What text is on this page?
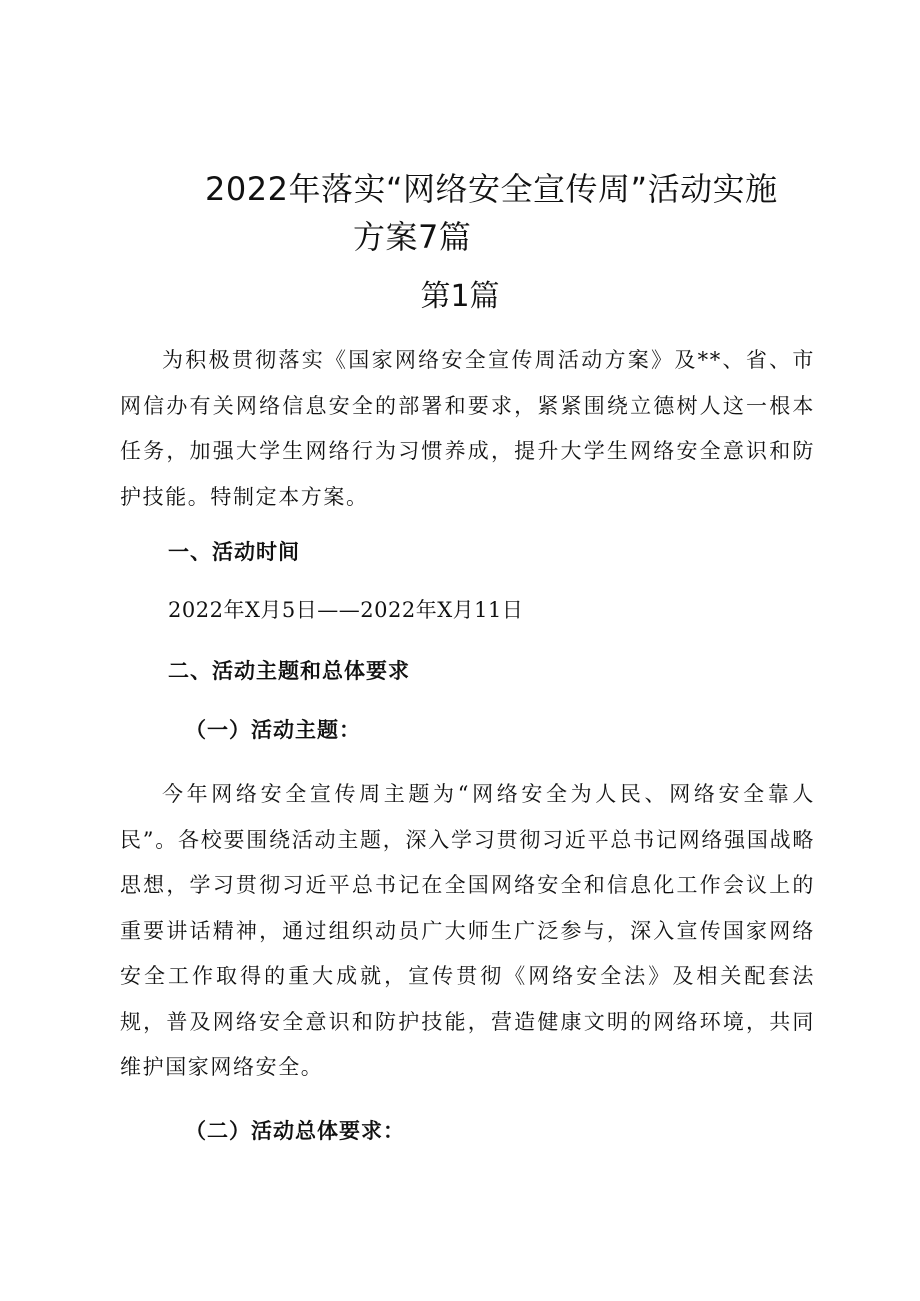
2022年落实“网络安全宣传周”活动实施
方案7篇
第1篇
为积极贯彻落实《国家网络安全宣传周活动方案》及**、省、市网信办有关网络信息安全的部署和要求，紧紧围绕立德树人这一根本任务，加强大学生网络行为习惯养成，提升大学生网络安全意识和防护技能。特制定本方案。
一、活动时间
2022年X月5日——2022年X月11日
二、活动主题和总体要求
（一）活动主题：
今年网络安全宣传周主题为“网络安全为人民、网络安全靠人民”。各校要围绕活动主题，深入学习贯彻习近平总书记网络强国战略思想，学习贯彻习近平总书记在全国网络安全和信息化工作会议上的重要讲话精神，通过组织动员广大师生广泛参与，深入宣传国家网络安全工作取得的重大成就，宣传贯彻《网络安全法》及相关配套法规，普及网络安全意识和防护技能，营造健康文明的网络环境，共同维护国家网络安全。
（二）活动总体要求：
